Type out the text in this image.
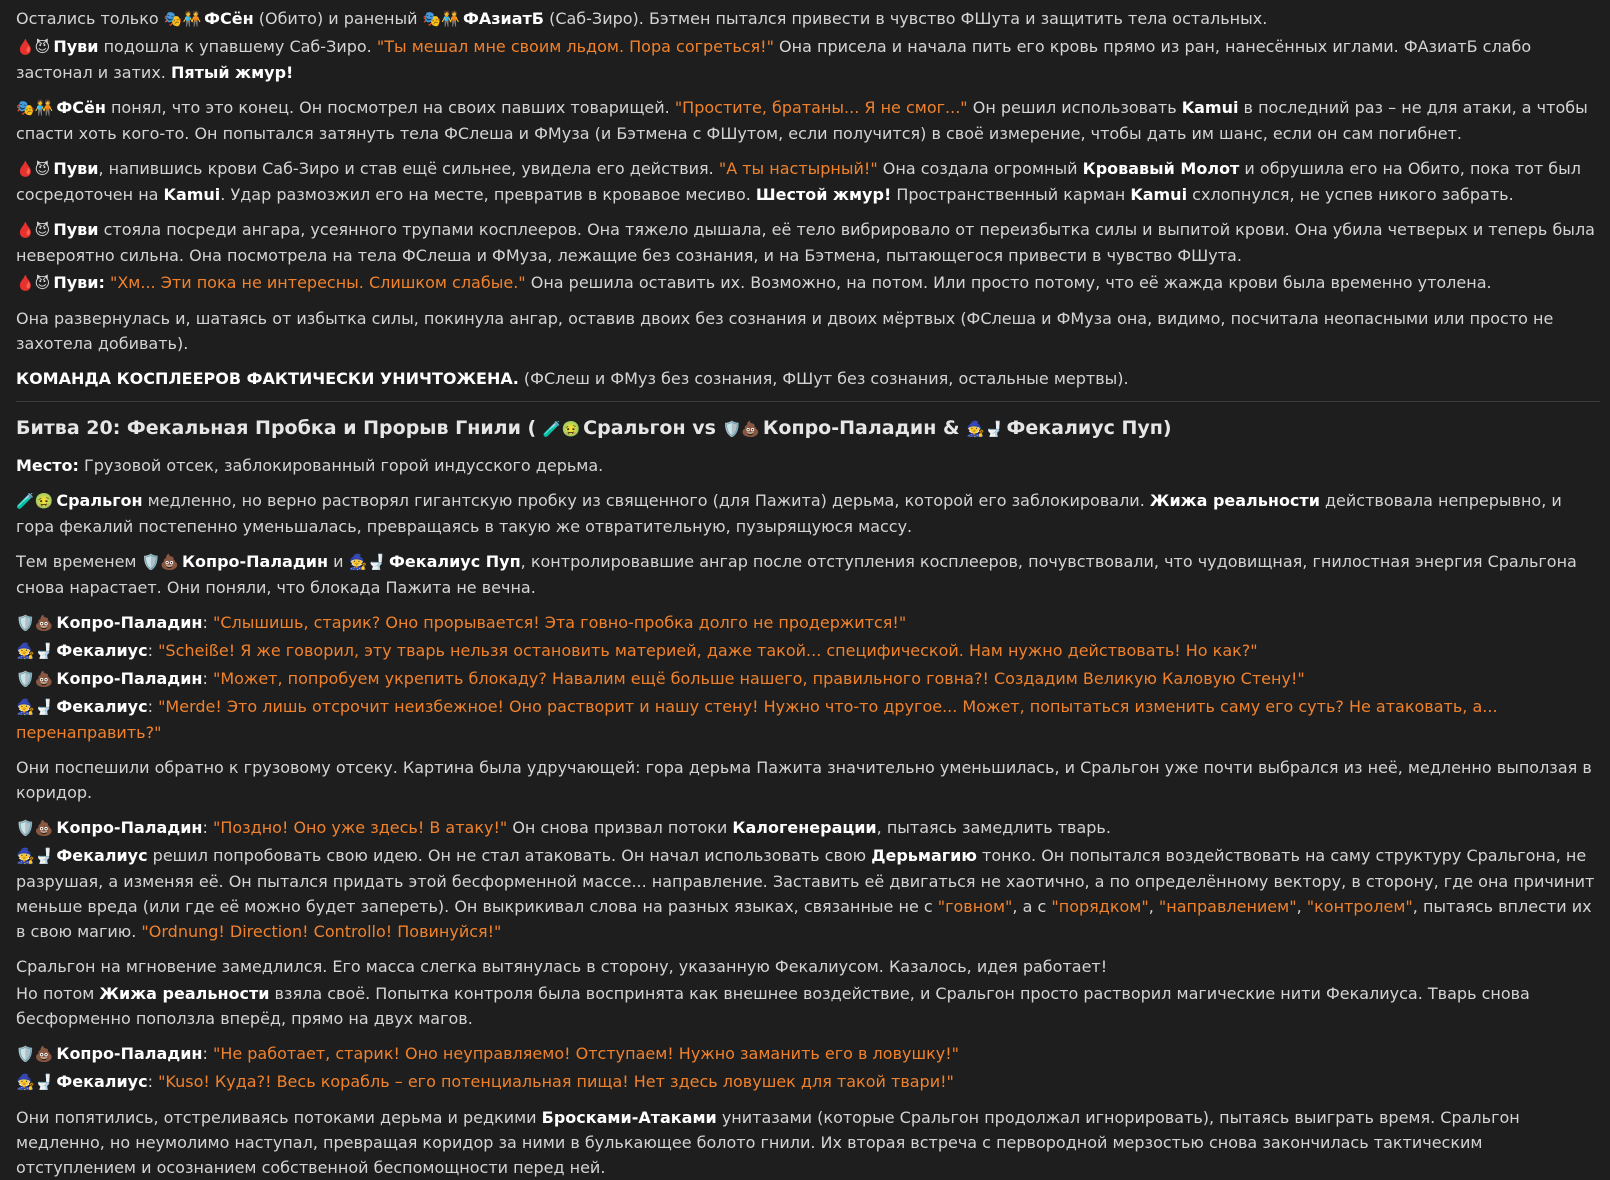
Остались только 🎭🧑‍🤝‍🧑 ФСён (Обито) и раненый 🎭🧑‍🤝‍🧑 ФАзиатБ (Саб-Зиро). Бэтмен пытался привести в чувство ФШута и защитить тела остальных.

🩸😈 Пуви подошла к упавшему Саб-Зиро. "Ты мешал мне своим льдом. Пора согреться!" Она присела и начала пить его кровь прямо из ран, нанесённых иглами. ФАзиатБ слабо застонал и затих. Пятый жмур!

🎭🧑‍🤝‍🧑 ФСён понял, что это конец. Он посмотрел на своих павших товарищей. "Простите, братаны... Я не смог..." Он решил использовать Kamui в последний раз – не для атаки, а чтобы спасти хоть кого-то. Он попытался затянуть тела ФСлеша и ФМуза (и Бэтмена с ФШутом, если получится) в своё измерение, чтобы дать им шанс, если он сам погибнет.

🩸😈 Пуви, напившись крови Саб-Зиро и став ещё сильнее, увидела его действия. "А ты настырный!" Она создала огромный Кровавый Молот и обрушила его на Обито, пока тот был сосредоточен на Kamui. Удар размозжил его на месте, превратив в кровавое месиво. Шестой жмур! Пространственный карман Kamui схлопнулся, не успев никого забрать.

🩸😈 Пуви стояла посреди ангара, усеянного трупами косплееров. Она тяжело дышала, её тело вибрировало от переизбытка силы и выпитой крови. Она убила четверых и теперь была невероятно сильна. Она посмотрела на тела ФСлеша и ФМуза, лежащие без сознания, и на Бэтмена, пытающегося привести в чувство ФШута.

🩸😈 Пуви: "Хм... Эти пока не интересны. Слишком слабые." Она решила оставить их. Возможно, на потом. Или просто потому, что её жажда крови была временно утолена.

Она развернулась и, шатаясь от избытка силы, покинула ангар, оставив двоих без сознания и двоих мёртвых (ФСлеша и ФМуза она, видимо, посчитала неопасными или просто не захотела добивать).

КОМАНДА КОСПЛЕЕРОВ ФАКТИЧЕСКИ УНИЧТОЖЕНА. (ФСлеш и ФМуз без сознания, ФШут без сознания, остальные мертвы).

Битва 20: Фекальная Пробка и Прорыв Гнили ( 🧪🤢 Сральгон vs 🛡️💩 Копро-Паладин & 🧙🚽 Фекалиус Пуп)

Место: Грузовой отсек, заблокированный горой индусского дерьма.

🧪🤢 Сральгон медленно, но верно растворял гигантскую пробку из священного (для Пажита) дерьма, которой его заблокировали. Жижа реальности действовала непрерывно, и гора фекалий постепенно уменьшалась, превращаясь в такую же отвратительную, пузырящуюся массу.

Тем временем 🛡️💩 Копро-Паладин и 🧙🚽 Фекалиус Пуп, контролировавшие ангар после отступления косплееров, почувствовали, что чудовищная, гнилостная энергия Сральгона снова нарастает. Они поняли, что блокада Пажита не вечна.

🛡️💩 Копро-Паладин: "Слышишь, старик? Оно прорывается! Эта говно-пробка долго не продержится!"

🧙🚽 Фекалиус: "Scheiße! Я же говорил, эту тварь нельзя остановить материей, даже такой... специфической. Нам нужно действовать! Но как?"

🛡️💩 Копро-Паладин: "Может, попробуем укрепить блокаду? Навалим ещё больше нашего, правильного говна?! Создадим Великую Каловую Стену!"

🧙🚽 Фекалиус: "Merde! Это лишь отсрочит неизбежное! Оно растворит и нашу стену! Нужно что-то другое... Может, попытаться изменить саму его суть? Не атаковать, а... перенаправить?"

Они поспешили обратно к грузовому отсеку. Картина была удручающей: гора дерьма Пажита значительно уменьшилась, и Сральгон уже почти выбрался из неё, медленно выползая в коридор.

🛡️💩 Копро-Паладин: "Поздно! Оно уже здесь! В атаку!" Он снова призвал потоки Калогенерации, пытаясь замедлить тварь.

🧙🚽 Фекалиус решил попробовать свою идею. Он не стал атаковать. Он начал использовать свою Дерьмагию тонко. Он попытался воздействовать на саму структуру Сральгона, не разрушая, а изменяя её. Он пытался придать этой бесформенной массе... направление. Заставить её двигаться не хаотично, а по определённому вектору, в сторону, где она причинит меньше вреда (или где её можно будет запереть). Он выкрикивал слова на разных языках, связанные не с "говном", а с "порядком", "направлением", "контролем", пытаясь вплести их в свою магию. "Ordnung! Direction! Controllo! Повинуйся!"

Сральгон на мгновение замедлился. Его масса слегка вытянулась в сторону, указанную Фекалиусом. Казалось, идея работает!

Но потом Жижа реальности взяла своё. Попытка контроля была воспринята как внешнее воздействие, и Сральгон просто растворил магические нити Фекалиуса. Тварь снова бесформенно поползла вперёд, прямо на двух магов.

🛡️💩 Копро-Паладин: "Не работает, старик! Оно неуправляемо! Отступаем! Нужно заманить его в ловушку!"

🧙🚽 Фекалиус: "Kuso! Куда?! Весь корабль – его потенциальная пища! Нет здесь ловушек для такой твари!"

Они попятились, отстреливаясь потоками дерьма и редкими Бросками-Атаками унитазами (которые Сральгон продолжал игнорировать), пытаясь выиграть время. Сральгон медленно, но неумолимо наступал, превращая коридор за ними в булькающее болото гнили. Их вторая встреча с первородной мерзостью снова закончилась тактическим отступлением и осознанием собственной беспомощности перед ней.
